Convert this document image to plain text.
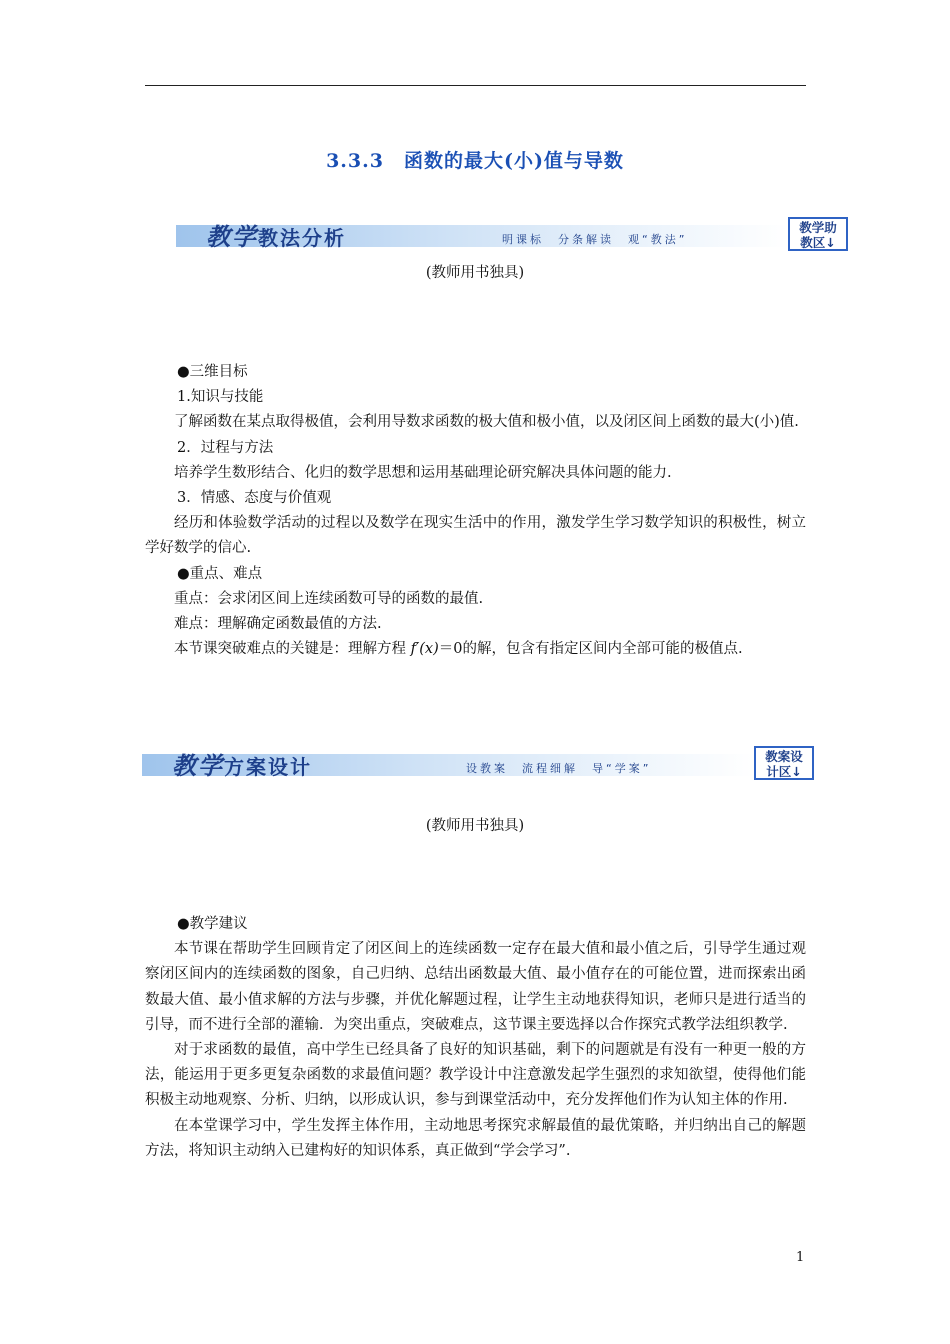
3.3.3　函数的最大(小)值与导数
教学教法分析	明课标　分条解读　观“教法”
教学助
教区↓
(教师用书独具)

●三维目标

1.知识与技能

了解函数在某点取得极值，会利用导数求函数的极大值和极小值，以及闭区间上函数的最大(小)值.

2．过程与方法

培养学生数形结合、化归的数学思想和运用基础理论研究解决具体问题的能力.

3．情感、态度与价值观

经历和体验数学活动的过程以及数学在现实生活中的作用，激发学生学习数学知识的积极性，树立学好数学的信心.

●重点、难点

重点：会求闭区间上连续函数可导的函数的最值.

难点：理解确定函数最值的方法.

本节课突破难点的关键是：理解方程 f′(x)＝0的解，包含有指定区间内全部可能的极值点.

教学方案设计	设教案　流程细解　导“学案”
教案设
计区↓
(教师用书独具)

●教学建议

本节课在帮助学生回顾肯定了闭区间上的连续函数一定存在最大值和最小值之后，引导学生通过观察闭区间内的连续函数的图象，自己归纳、总结出函数最大值、最小值存在的可能位置，进而探索出函数最大值、最小值求解的方法与步骤，并优化解题过程，让学生主动地获得知识，老师只是进行适当的引导，而不进行全部的灌输．为突出重点，突破难点，这节课主要选择以合作探究式教学法组织教学.

对于求函数的最值，高中学生已经具备了良好的知识基础，剩下的问题就是有没有一种更一般的方法，能运用于更多更复杂函数的求最值问题？教学设计中注意激发起学生强烈的求知欲望，使得他们能积极主动地观察、分析、归纳，以形成认识，参与到课堂活动中，充分发挥他们作为认知主体的作用.

在本堂课学习中，学生发挥主体作用，主动地思考探究求解最值的最优策略，并归纳出自己的解题方法，将知识主动纳入已建构好的知识体系，真正做到“学会学习”.

1
